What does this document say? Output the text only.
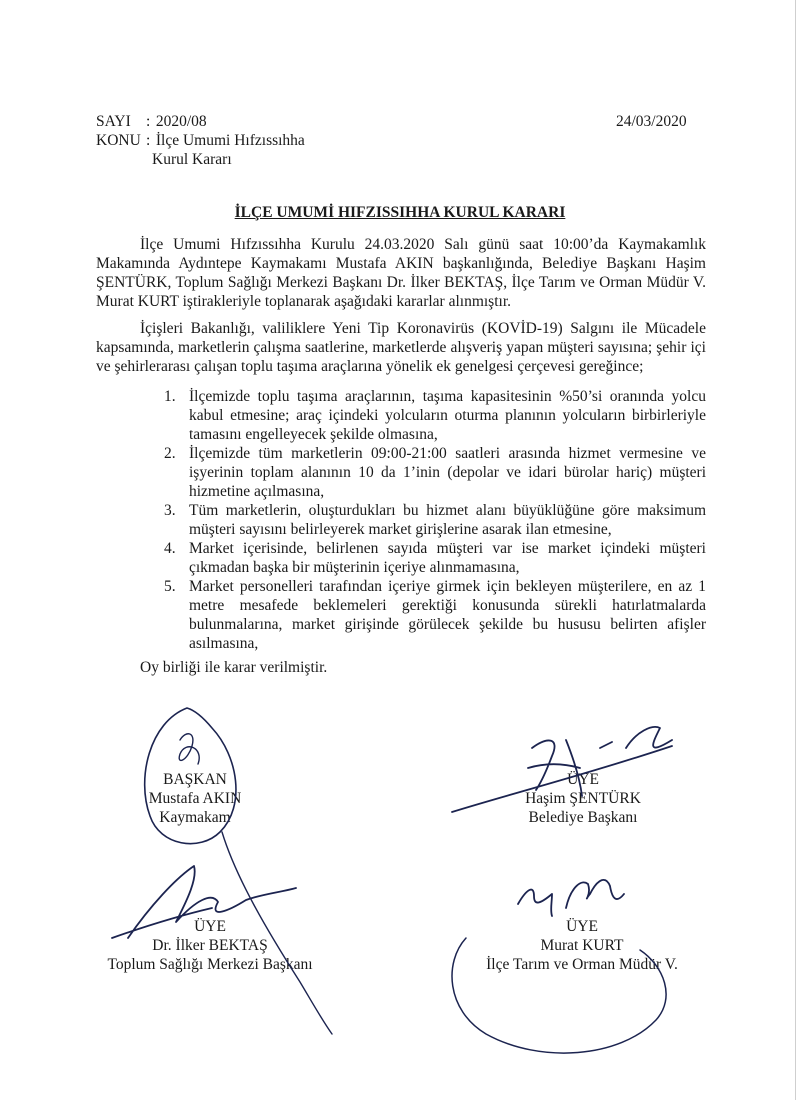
SAYI : 2020/08
KONU : İlçe Umumi Hıfzıssıhha
Kurul Kararı
24/03/2020
İLÇE UMUMİ HIFZISSIHHA KURUL KARARI
İlçe Umumi Hıfzıssıhha Kurulu 24.03.2020 Salı günü saat 10:00’da Kaymakamlık Makamında Aydıntepe Kaymakamı Mustafa AKIN başkanlığında, Belediye Başkanı Haşim ŞENTÜRK, Toplum Sağlığı Merkezi Başkanı Dr. İlker BEKTAŞ, İlçe Tarım ve Orman Müdür V. Murat KURT iştirakleriyle toplanarak aşağıdaki kararlar alınmıştır.
İçişleri Bakanlığı, valiliklere Yeni Tip Koronavirüs (KOVİD-19) Salgını ile Mücadele kapsamında, marketlerin çalışma saatlerine, marketlerde alışveriş yapan müşteri sayısına; şehir içi ve şehirlerarası çalışan toplu taşıma araçlarına yönelik ek genelgesi çerçevesi gereğince;
1. İlçemizde toplu taşıma araçlarının, taşıma kapasitesinin %50’si oranında yolcu kabul etmesine; araç içindeki yolcuların oturma planının yolcuların birbirleriyle tamasını engelleyecek şekilde olmasına,
2. İlçemizde tüm marketlerin 09:00-21:00 saatleri arasında hizmet vermesine ve işyerinin toplam alanının 10 da 1’inin (depolar ve idari bürolar hariç) müşteri hizmetine açılmasına,
3. Tüm marketlerin, oluşturdukları bu hizmet alanı büyüklüğüne göre maksimum müşteri sayısını belirleyerek market girişlerine asarak ilan etmesine,
4. Market içerisinde, belirlenen sayıda müşteri var ise market içindeki müşteri çıkmadan başka bir müşterinin içeriye alınmamasına,
5. Market personelleri tarafından içeriye girmek için bekleyen müşterilere, en az 1 metre mesafede beklemeleri gerektiği konusunda sürekli hatırlatmalarda bulunmalarına, market girişinde görülecek şekilde bu hususu belirten afişler asılmasına,
Oy birliği ile karar verilmiştir.
BAŞKAN
Mustafa AKIN
Kaymakam
ÜYE
Haşim ŞENTÜRK
Belediye Başkanı
ÜYE
Dr. İlker BEKTAŞ
Toplum Sağlığı Merkezi Başkanı
ÜYE
Murat KURT
İlçe Tarım ve Orman Müdür V.
